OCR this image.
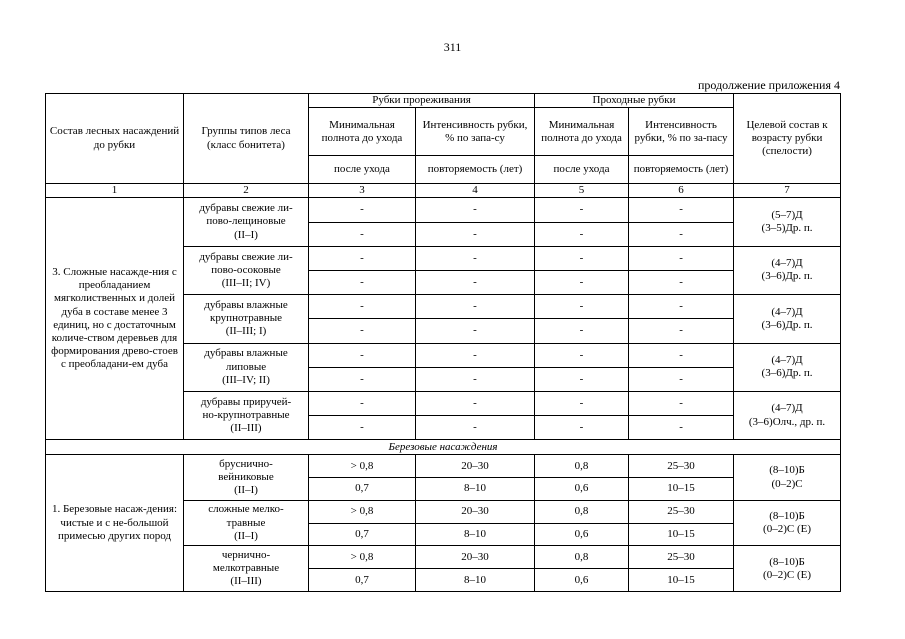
311
продолжение приложения 4
Состав лесных насаждений до рубки	Группы типов леса (класс бонитета)	Рубки прореживания		Проходные рубки		Целевой состав к возрасту рубки (спелости)
		Минимальная полнота до ухода	Интенсивность рубки, % по запа-су	Минимальная полнота до ухода	Интенсивность рубки, % по за-пасу	
		после ухода	повторяемость (лет)	после ухода	повторяемость (лет)	
1	2	3	4	5	6	7
3. Сложные насажде-ния с преобладанием мягколиственных и долей дуба в составе менее 3 единиц, но с достаточным количе-ством деревьев для формирования древо-стоев с преобладани-ем дуба	дубравы свежие ли-
пово-лещиновые
(II–I)	-	-	-	-	(5–7)Д
(3–5)Др. п.
		-	-	-	-	
	дубравы свежие ли-
пово-осоковые
(III–II; IV)	-	-	-	-	(4–7)Д
(3–6)Др. п.
		-	-	-	-	
	дубравы влажные
крупнотравные
(II–III; I)	-	-	-	-	(4–7)Д
(3–6)Др. п.
		-	-	-	-	
	дубравы влажные
липовые
(III–IV; II)	-	-	-	-	(4–7)Д
(3–6)Др. п.
		-	-	-	-	
	дубравы приручей-
но-крупнотравные
(II–III)	-	-	-	-	(4–7)Д
(3–6)Олч., др. п.
		-	-	-	-	
Березовые насаждения						
1. Березовые насаж-дения: чистые и с не-большой примесью других пород	брусничнo-
вейниковые
(II–I)	> 0,8	20–30	0,8	25–30	(8–10)Б
(0–2)С
		0,7	8–10	0,6	10–15	
	сложные мелко-
травные
(II–I)	> 0,8	20–30	0,8	25–30	(8–10)Б
(0–2)С (Е)
		0,7	8–10	0,6	10–15	
	чернично-
мелкотравные
(II–III)	> 0,8	20–30	0,8	25–30	(8–10)Б
(0–2)С (Е)
		0,7	8–10	0,6	10–15	
